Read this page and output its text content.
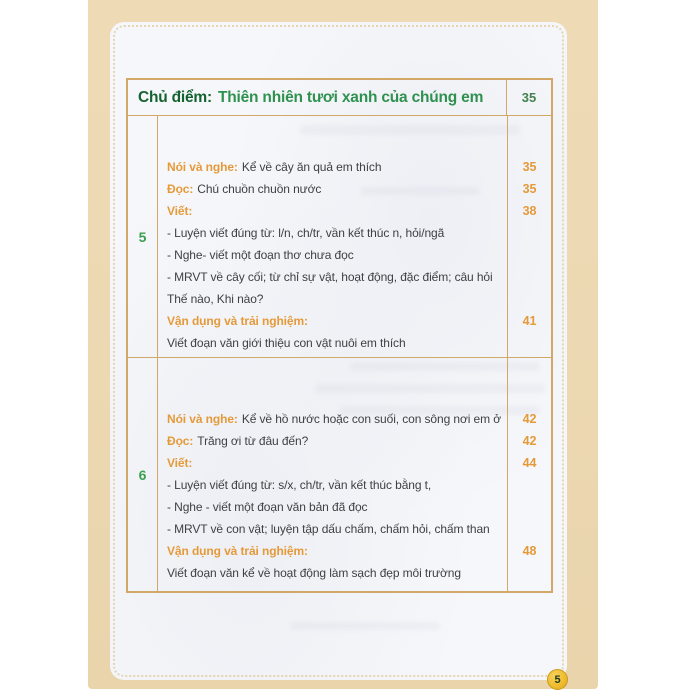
Chủ điểm: Thiên nhiên tươi xanh của chúng em	35
5
Nói và nghe: Kể về cây ăn quả em thích
Đọc: Chú chuồn chuồn nước
Viết:
- Luyện viết đúng từ: l/n, ch/tr, vần kết thúc n, hỏi/ngã
- Nghe- viết một đoạn thơ chưa đọc
- MRVT về cây cối; từ chỉ sự vật, hoạt động, đặc điểm; câu hỏi
Thế nào, Khi nào?
Vận dụng và trải nghiệm:
Viết đoạn văn giới thiệu con vật nuôi em thích
35
35
38
41
6
Nói và nghe: Kể về hồ nước hoặc con suối, con sông nơi em ở
Đọc: Trăng ơi từ đâu đến?
Viết:
- Luyện viết đúng từ: s/x, ch/tr, vần kết thúc bằng t,
- Nghe - viết một đoạn văn bản đã đọc
- MRVT về con vật; luyện tập dấu chấm, chấm hỏi, chấm than
Vận dụng và trải nghiệm:
Viết đoạn văn kể về hoạt động làm sạch đẹp môi trường
42
42
44
48
5
